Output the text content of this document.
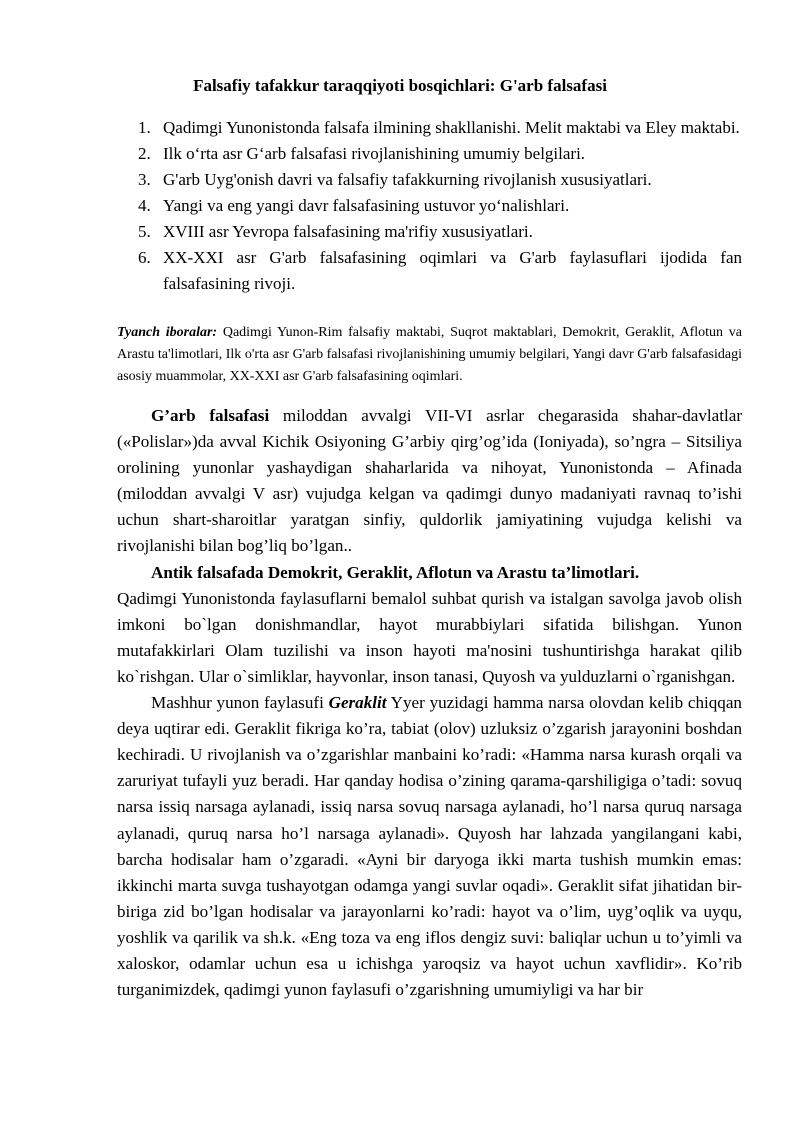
Falsafiy tafakkur taraqqiyoti bosqichlari: G'arb falsafasi
1. Qadimgi Yunonistonda falsafa ilmining shakllanishi. Melit maktabi va Eley maktabi.
2. Ilk o‘rta asr G‘arb falsafasi rivojlanishining umumiy belgilari.
3. G'arb Uyg'onish davri va falsafiy tafakkurning rivojlanish xususiyatlari.
4. Yangi va eng yangi davr falsafasining ustuvor yo‘nalishlari.
5. XVIII asr Yevropa falsafasining ma'rifiy xususiyatlari.
6. XX-XXI asr G'arb falsafasining oqimlari va G'arb faylasuflari ijodida fan falsafasining rivoji.
Tyanch iboralar: Qadimgi Yunon-Rim falsafiy maktabi, Suqrot maktablari, Demokrit, Geraklit, Aflotun va Arastu ta'limotlari, Ilk o'rta asr G'arb falsafasi rivojlanishining umumiy belgilari, Yangi davr G'arb falsafasidagi asosiy muammolar, XX-XXI asr G'arb falsafasining oqimlari.

G’arb falsafasi miloddan avvalgi VII-VI asrlar chegarasida shahar-davlatlar («Polislar»)da avval Kichik Osiyoning G’arbiy qirg’og’ida (Ioniyada), so’ngra – Sitsiliya orolining yunonlar yashaydigan shaharlarida va nihoyat, Yunonistonda – Afinada (miloddan avvalgi V asr) vujudga kelgan va qadimgi dunyo madaniyati ravnaq to’ishi uchun shart-sharoitlar yaratgan sinfiy, quldorlik jamiyatining vujudga kelishi va rivojlanishi bilan bog’liq bo’lgan..

Antik falsafada Demokrit, Geraklit, Aflotun va Arastu ta’limotlari.

Qadimgi Yunonistonda faylasuflarni bemalol suhbat qurish va istalgan savolga javob olish imkoni bo`lgan donishmandlar, hayot murabbiylari sifatida bilishgan. Yunon mutafakkirlari Olam tuzilishi va inson hayoti ma'nosini tushuntirishga harakat qilib ko`rishgan. Ular o`simliklar, hayvonlar, inson tanasi, Quyosh va yulduzlarni o`rganishgan.

Mashhur yunon faylasufi Geraklit Yyer yuzidagi hamma narsa olovdan kelib chiqqan deya uqtirar edi. Geraklit fikriga ko’ra, tabiat (olov) uzluksiz o’zgarish jarayonini boshdan kechiradi. U rivojlanish va o’zgarishlar manbaini ko’radi: «Hamma narsa kurash orqali va zaruriyat tufayli yuz beradi. Har qanday hodisa o’zining qarama-qarshiligiga o’tadi: sovuq narsa issiq narsaga aylanadi, issiq narsa sovuq narsaga aylanadi, ho’l narsa quruq narsaga aylanadi, quruq narsa ho’l narsaga aylanadi». Quyosh har lahzada yangilangani kabi, barcha hodisalar ham o’zgaradi. «Ayni bir daryoga ikki marta tushish mumkin emas: ikkinchi marta suvga tushayotgan odamga yangi suvlar oqadi». Geraklit sifat jihatidan bir-biriga zid bo’lgan hodisalar va jarayonlarni ko’radi: hayot va o’lim, uyg’oqlik va uyqu, yoshlik va qarilik va sh.k. «Eng toza va eng iflos dengiz suvi: baliqlar uchun u to’yimli va xaloskor, odamlar uchun esa u ichishga yaroqsiz va hayot uchun xavflidir». Ko’rib turganimizdek, qadimgi yunon faylasufi o’zgarishning umumiyligi va har bir
